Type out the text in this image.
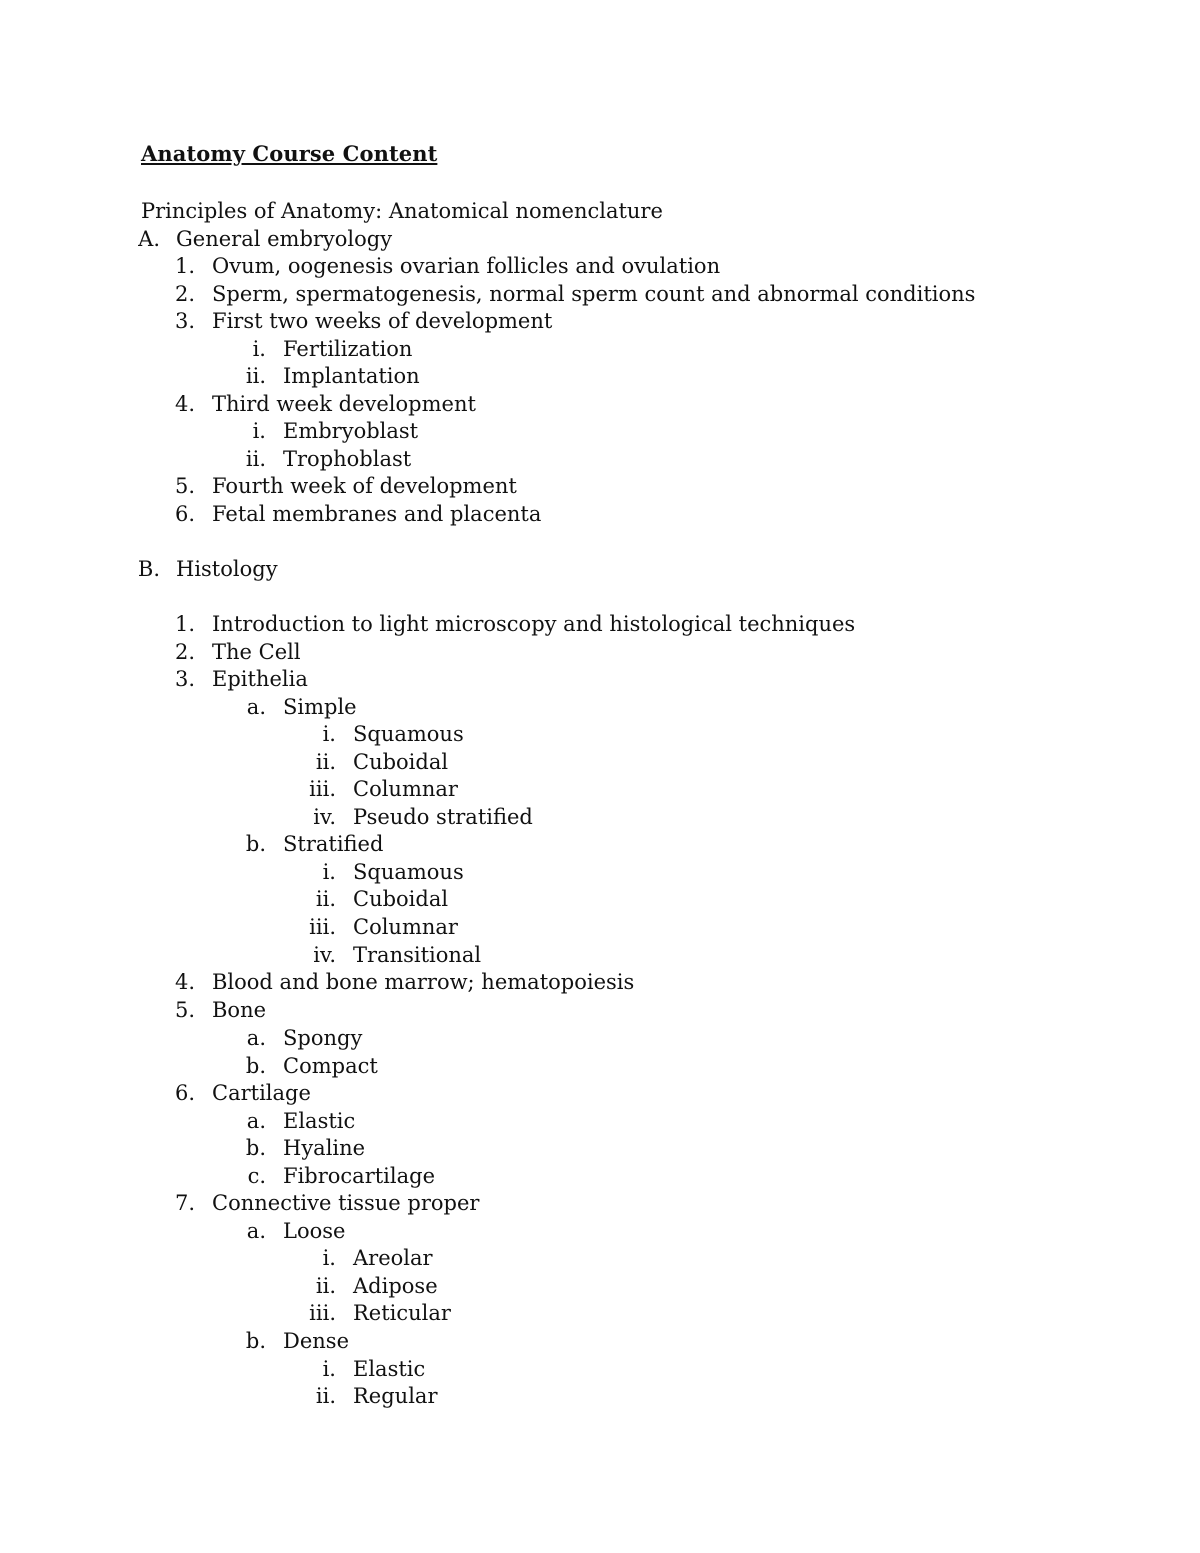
Anatomy Course Content
Principles of Anatomy: Anatomical nomenclature
A. General embryology
1. Ovum, oogenesis ovarian follicles and ovulation
2. Sperm, spermatogenesis, normal sperm count and abnormal conditions
3. First two weeks of development
i. Fertilization
ii. Implantation
4. Third week development
i. Embryoblast
ii. Trophoblast
5. Fourth week of development
6. Fetal membranes and placenta
B. Histology
1. Introduction to light microscopy and histological techniques
2. The Cell
3. Epithelia
a. Simple
i. Squamous
ii. Cuboidal
iii. Columnar
iv. Pseudo stratified
b. Stratified
i. Squamous
ii. Cuboidal
iii. Columnar
iv. Transitional
4. Blood and bone marrow; hematopoiesis
5. Bone
a. Spongy
b. Compact
6. Cartilage
a. Elastic
b. Hyaline
c. Fibrocartilage
7. Connective tissue proper
a. Loose
i. Areolar
ii. Adipose
iii. Reticular
b. Dense
i. Elastic
ii. Regular
